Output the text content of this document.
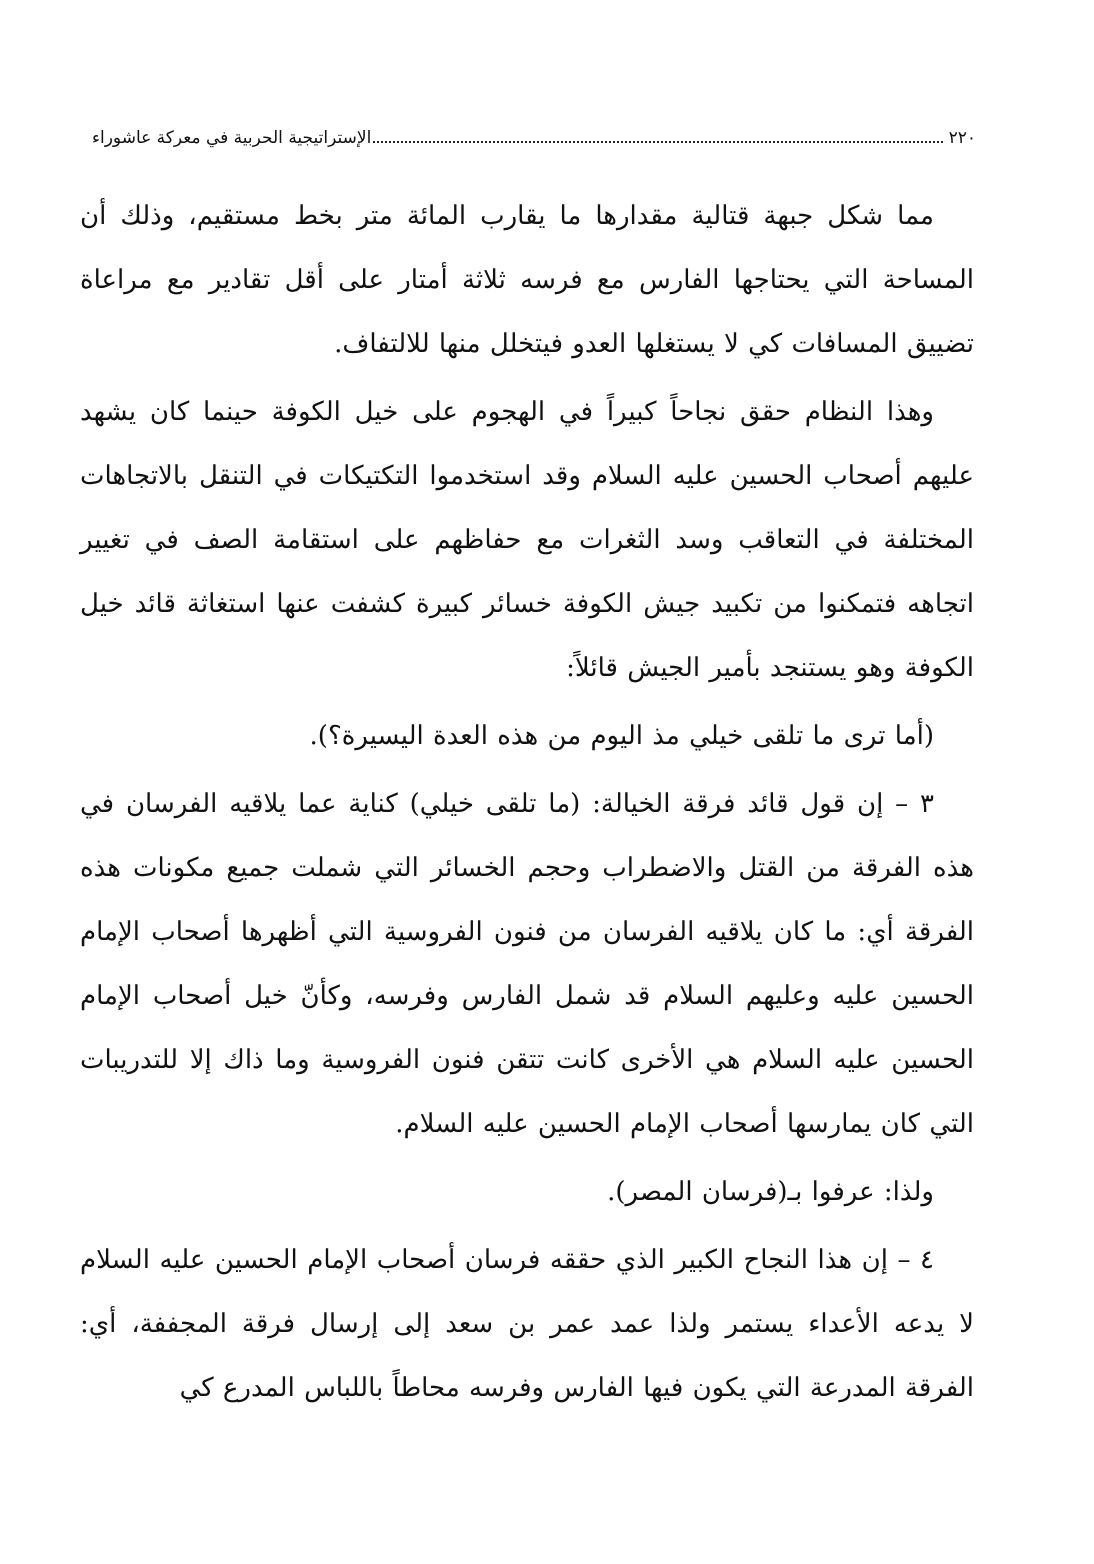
٢٢٠
الإستراتيجية الحربية في معركة عاشوراء

مما شكل جبهة قتالية مقدارها ما يقارب المائة متر بخط مستقيم، وذلك أن المساحة التي يحتاجها الفارس مع فرسه ثلاثة أمتار على أقل تقادير مع مراعاة تضييق المسافات كي لا يستغلها العدو فيتخلل منها للالتفاف.

وهذا النظام حقق نجاحاً كبيراً في الهجوم على خيل الكوفة حينما كان يشهد عليهم أصحاب الحسين عليه السلام وقد استخدموا التكتيكات في التنقل بالاتجاهات المختلفة في التعاقب وسد الثغرات مع حفاظهم على استقامة الصف في تغيير اتجاهه فتمكنوا من تكبيد جيش الكوفة خسائر كبيرة كشفت عنها استغاثة قائد خيل الكوفة وهو يستنجد بأمير الجيش قائلاً:

(أما ترى ما تلقى خيلي مذ اليوم من هذه العدة اليسيرة؟).

٣ – إن قول قائد فرقة الخيالة: (ما تلقى خيلي) كناية عما يلاقيه الفرسان في هذه الفرقة من القتل والاضطراب وحجم الخسائر التي شملت جميع مكونات هذه الفرقة أي: ما كان يلاقيه الفرسان من فنون الفروسية التي أظهرها أصحاب الإمام الحسين عليه وعليهم السلام قد شمل الفارس وفرسه، وكأنّ خيل أصحاب الإمام الحسين عليه السلام هي الأخرى كانت تتقن فنون الفروسية وما ذاك إلا للتدريبات التي كان يمارسها أصحاب الإمام الحسين عليه السلام.

ولذا: عرفوا بـ(فرسان المصر).

٤ – إن هذا النجاح الكبير الذي حققه فرسان أصحاب الإمام الحسين عليه السلام لا يدعه الأعداء يستمر ولذا عمد عمر بن سعد إلى إرسال فرقة المجففة، أي: الفرقة المدرعة التي يكون فيها الفارس وفرسه محاطاً باللباس المدرع كي
